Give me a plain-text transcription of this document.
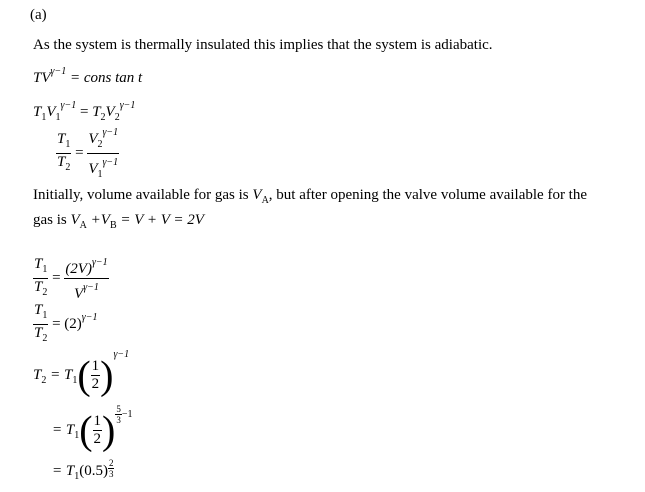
(a)
As the system is thermally insulated this implies that the system is adiabatic.
$TV^{\gamma-1}$ = cons tan t
$T_1V_1^{\gamma-1} = T_2V_2^{\gamma-1}$
$\frac{T_1}{T_2} = \frac{V_2^{\gamma-1}}{V_1^{\gamma-1}}$
Initially, volume available for gas is $V_A$, but after opening the valve volume available for the
gas is $V_A +V_B = V + V = 2V$
$\frac{T_1}{T_2} = \frac{(2V)^{\gamma-1}}{V^{\gamma-1}}$
$\frac{T_1}{T_2} = (2)^{\gamma-1}$
$T_2 = T_1( \frac{1}{2} )^{\gamma-1}$
= $T_1( \frac{1}{2}$ ) $\frac{5}{3} -1$
= $T_1(0.5) \frac{2}{3}$
